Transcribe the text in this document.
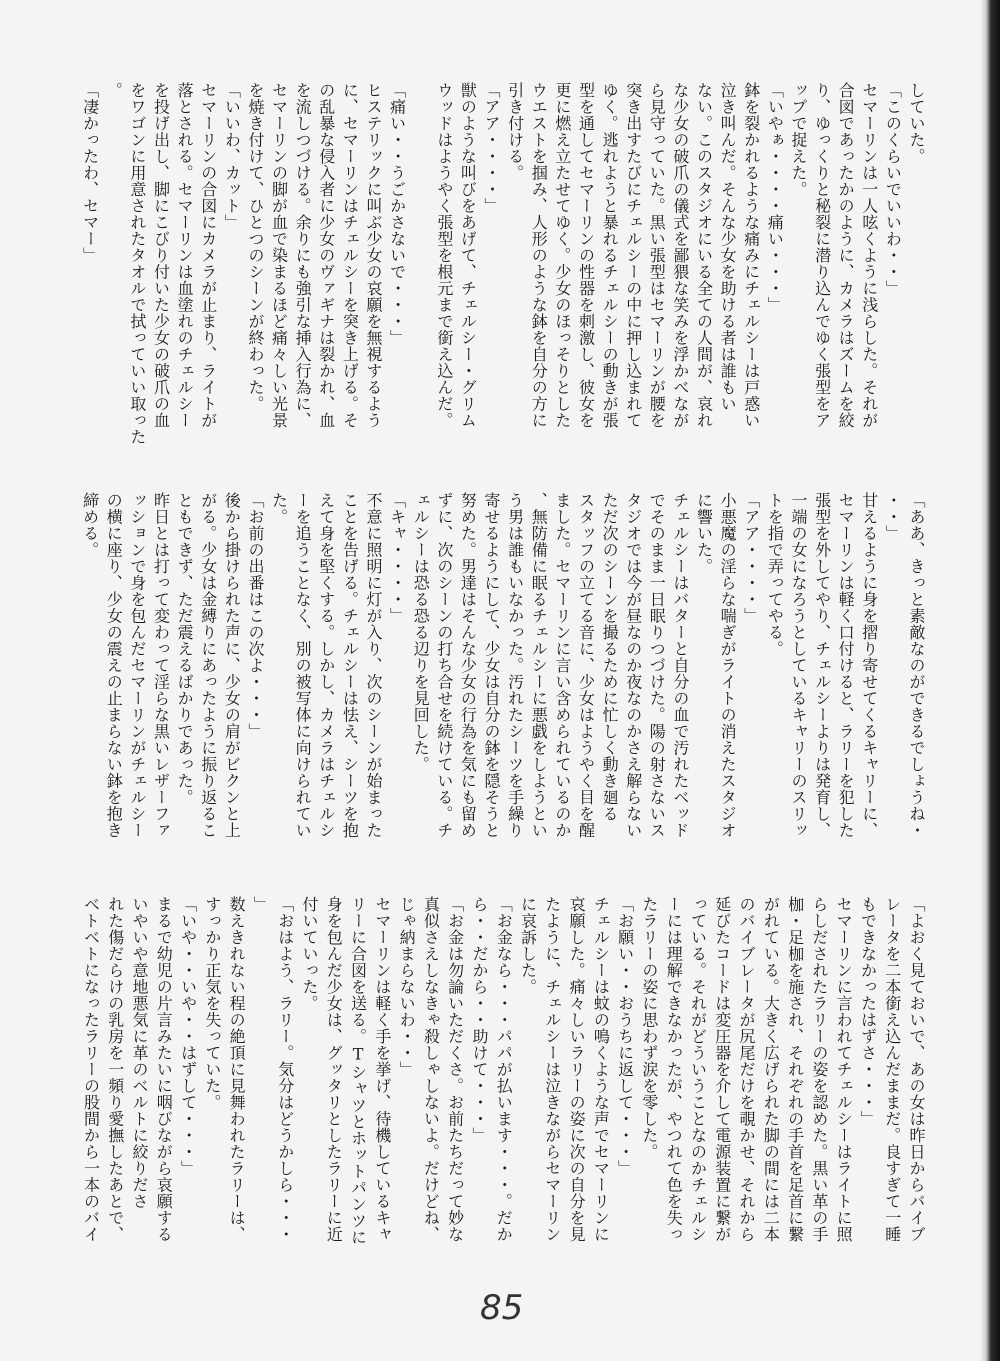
していた。
「このくらいでいいわ・・」
セマーリンは一人呟くように浅らした。それが
合図であったかのように、カメラはズームを絞
り、ゆっくりと秘裂に潜り込んでゆく張型をア
ップで捉えた。
「いやぁ・・・・痛い・・・」
鉢を裂かれるような痛みにチェルシーは戸惑い
泣き叫んだ。そんな少女を助ける者は誰もい
ない。このスタジオにいる全ての人間が、哀れ
な少女の破爪の儀式を鄙猥な笑みを浮かべなが
ら見守っていた。黒い張型はセマーリンが腰を
突き出すたびにチェルシーの中に押し込まれて
ゆく。逃れようと暴れるチェルシーの動きが張
型を通してセマーリンの性器を刺激し、彼女を
更に燃え立たせてゆく。少女のほっそりとした
ウエストを掴み、人形のような鉢を自分の方に
引き付ける。
「アア・・・・」
獣のような叫びをあげて、チェルシー・グリム
ウッドはようやく張型を根元まで銜え込んだ。
「痛い・・うごかさないで・・・」
ヒステリックに叫ぶ少女の哀願を無視するよう
に、セマーリンはチェルシーを突き上げる。そ
の乱暴な侵入者に少女のヴァギナは裂かれ、血
を流しつづける。余りにも強引な挿入行為に、
セマーリンの脚が血で染まるほど痛々しい光景
を焼き付けて、ひとつのシーンが終わった。
「いいわ、カット」
セマーリンの合図にカメラが止まり、ライトが
落とされる。セマーリンは血塗れのチェルシー
を投げ出し、脚にこびり付いた少女の破爪の血
をワゴンに用意されたタオルで拭っていい取った
。
「凄かったわ、セマー」
「ああ、きっと素敵なのができるでしょうね・
・・」
甘えるように身を摺り寄せてくるキャリーに、
セマーリンは軽く口付けると、ラリーを犯した
張型を外してやり、チェルシーよりは発育し、
一端の女になろうとしているキャリーのスリッ
トを指で弄ってやる。
「アア・・・・」
小悪魔の淫らな喘ぎがライトの消えたスタジオ
に響いた。
チェルシーはバターと自分の血で汚れたベッド
でそのまま一日眠りつづけた。陽の射さないス
タジオでは今が昼なのか夜なのかさえ解らない
ただ次のシーンを撮るために忙しく動き廻る
スタッフの立てる音に、少女はようやく目を醒
ました。セマーリンに言い含められているのか
、無防備に眠るチェルシーに悪戯をしようとい
う男は誰もいなかった。汚れたシーツを手繰り
寄せるようにして、少女は自分の鉢を隠そうと
努めた。男達はそんな少女の行為を気にも留め
ずに、次のシーンの打ち合せを続けている。チ
ェルシーは恐る恐る辺りを見回した。
「キャ・・・・」
不意に照明に灯が入り、次のシーンが始まった
ことを告げる。チェルシーは怯え、シーツを抱
えて身を堅くする。しかし、カメラはチェルシ
ーを追うことなく、別の被写体に向けられてい
た。
「お前の出番はこの次よ・・・」
後から掛けられた声に、少女の肩がビクンと上
がる。少女は金縛りにあったように振り返るこ
ともできず、ただ震えるばかりであった。
昨日とは打って変わって淫らな黒いレザーファ
ッションで身を包んだセマーリンがチェルシー
の横に座り、少女の震えの止まらない鉢を抱き
締める。
「よおく見ておいで、あの女は昨日からバイブ
レータを二本銜え込んだままだ。良すぎて一睡
もできなかったはずさ・・・」
セマーリンに言われてチェルシーはライトに照
らしだされたラリーの姿を認めた。黒い革の手
枷・足枷を施され、それぞれの手首を足首に繋
がれている。大きく広げられた脚の間には二本
のバイブレータが尻尾だけを覗かせ、それから
延びたコードは変圧器を介して電源装置に繋が
っている。それがどういうことなのかチェルシ
ーには理解できなかったが、やつれて色を失っ
たラリーの姿に思わず涙を零した。
「お願い・・おうちに返して・・・」
チェルシーは蚊の鳴くような声でセマーリンに
哀願した。痛々しいラリーの姿に次の自分を見
たように、チェルシーは泣きながらセマーリン
に哀訴した。
「お金なら・・・パパが払います・・・。だか
ら・・だから・・助けて・・・」
「お金は勿論いただくさ。お前たちだって妙な
真似さえしなきゃ殺しゃしないよ。だけどね、
じゃ納まらないわ・・」
セマーリンは軽く手を挙げ、待機しているキャ
リーに合図を送る。Tシャツとホットパンツに
身を包んだ少女は、グッタリとしたラリーに近
付いていった。
「おはよう、ラリー。気分はどうかしら・・・
」
数えきれない程の絶頂に見舞われたラリーは、
すっかり正気を失っていた。
「いや・・いや・・はずして・・・」
まるで幼児の片言みたいに咽びながら哀願する
いやいや意地悪気に革のベルトに絞りださ
れた傷だらけの乳房を一頻り愛撫したあとで、
ベトベトになったラリーの股間から一本のバイ
85
